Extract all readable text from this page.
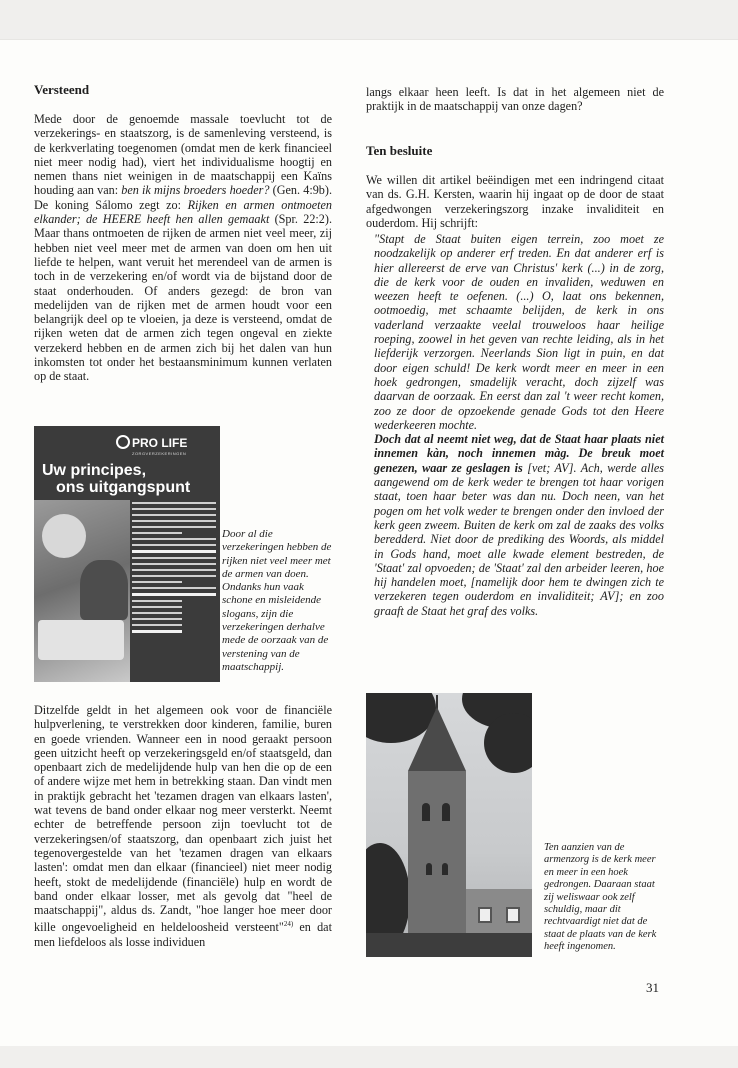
Versteend

Mede door de genoemde massale toevlucht tot de verzekerings- en staatszorg, is de samenleving versteend, is de kerkverlating toegenomen (omdat men de kerk financieel niet meer nodig had), viert het individualisme hoogtij en nemen thans niet weinigen in de maatschappij een Kaïns houding aan van: ben ik mijns broeders hoeder? (Gen. 4:9b). De koning Sálomo zegt zo: Rijken en armen ontmoeten elkander; de HEERE heeft hen allen gemaakt (Spr. 22:2). Maar thans ontmoeten de rijken de armen niet veel meer, zij hebben niet veel meer met de armen van doen om hen uit liefde te helpen, want veruit het merendeel van de armen is toch in de verzekering en/of wordt via de bijstand door de staat onderhouden. Of anders gezegd: de bron van medelijden van de rijken met de armen houdt voor een belangrijk deel op te vloeien, ja deze is versteend, omdat de rijken weten dat de armen zich tegen ongeval en ziekte verzekerd hebben en de armen zich bij het dalen van hun inkomsten tot onder het bestaansminimum kunnen verlaten op de staat.

PRO LIFE
ZORGVERZEKERINGEN
Uw principes,
ons uitgangspunt

Door al die verzekeringen hebben de rijken niet veel meer met de armen van doen. Ondanks hun vaak schone en misleidende slogans, zijn die verzekeringen derhalve mede de oorzaak van de verstening van de maatschappij.

Ditzelfde geldt in het algemeen ook voor de financiële hulpverlening, te verstrekken door kinderen, familie, buren en goede vrienden. Wanneer een in nood geraakt persoon geen uitzicht heeft op verzekeringsgeld en/of staatsgeld, dan openbaart zich de medelijdende hulp van hen die op de een of andere wijze met hem in betrekking staan. Dan vindt men in praktijk gebracht het 'tezamen dragen van elkaars lasten', wat tevens de band onder elkaar nog meer versterkt. Neemt echter de betreffende persoon zijn toevlucht tot de verzekeringsen/of staatszorg, dan openbaart zich juist het tegenovergestelde van het 'tezamen dragen van elkaars lasten': omdat men dan elkaar (financieel) niet meer nodig heeft, stokt de medelijdende (financiële) hulp en wordt de band onder elkaar losser, met als gevolg dat "heel de maatschappij", aldus ds. Zandt, "hoe langer hoe meer door kille ongevoeligheid en heldeloosheid versteent"$^{24)}$ en dat men liefdeloos als losse individuen

langs elkaar heen leeft. Is dat in het algemeen niet de praktijk in de maatschappij van onze dagen?

Ten besluite

We willen dit artikel beëindigen met een indringend citaat van ds. G.H. Kersten, waarin hij ingaat op de door de staat afgedwongen verzekeringszorg inzake invaliditeit en ouderdom. Hij schrijft:

"Stapt de Staat buiten eigen terrein, zoo moet ze noodzakelijk op anderer erf treden. En dat anderer erf is hier allereerst de erve van Christus' kerk (...) in de zorg, die de kerk voor de ouden en invaliden, weduwen en weezen heeft te oefenen. (...) O, laat ons bekennen, ootmoedig, met schaamte belijden, de kerk in ons vaderland verzaakte veelal trouweloos haar heilige roeping, zoowel in het geven van rechte leiding, als in het liefderijk verzorgen. Neerlands Sion ligt in puin, en dat door eigen schuld! De kerk wordt meer en meer in een hoek gedrongen, smadelijk veracht, doch zijzelf was daarvan de oorzaak. En eerst dan zal 't weer recht komen, zoo ze door de opzoekende genade Gods tot den Heere wederkeeren mochte.
Doch dat al neemt niet weg, dat de Staat haar plaats niet innemen kàn, noch innemen màg. De breuk moet genezen, waar ze geslagen is [vet; AV]. Ach, werde alles aangewend om de kerk weder te brengen tot haar vorigen staat, toen haar beter was dan nu. Doch neen, van het pogen om het volk weder te brengen onder den invloed der kerk geen zweem. Buiten de kerk om zal de zaaks des volks beredderd. Niet door de prediking des Woords, als middel in Gods hand, moet alle kwade element bestreden, de 'Staat' zal opvoeden; de 'Staat' zal den arbeider leeren, hoe hij handelen moet, [namelijk door hem te dwingen zich te verzekeren tegen ouderdom en invaliditeit; AV]; en zoo graaft de Staat het graf des volks.

Ten aanzien van de armenzorg is de kerk meer en meer in een hoek gedrongen. Daaraan staat zij weliswaar ook zelf schuldig, maar dit rechtvaardigt niet dat de staat de plaats van de kerk heeft ingenomen.

31
